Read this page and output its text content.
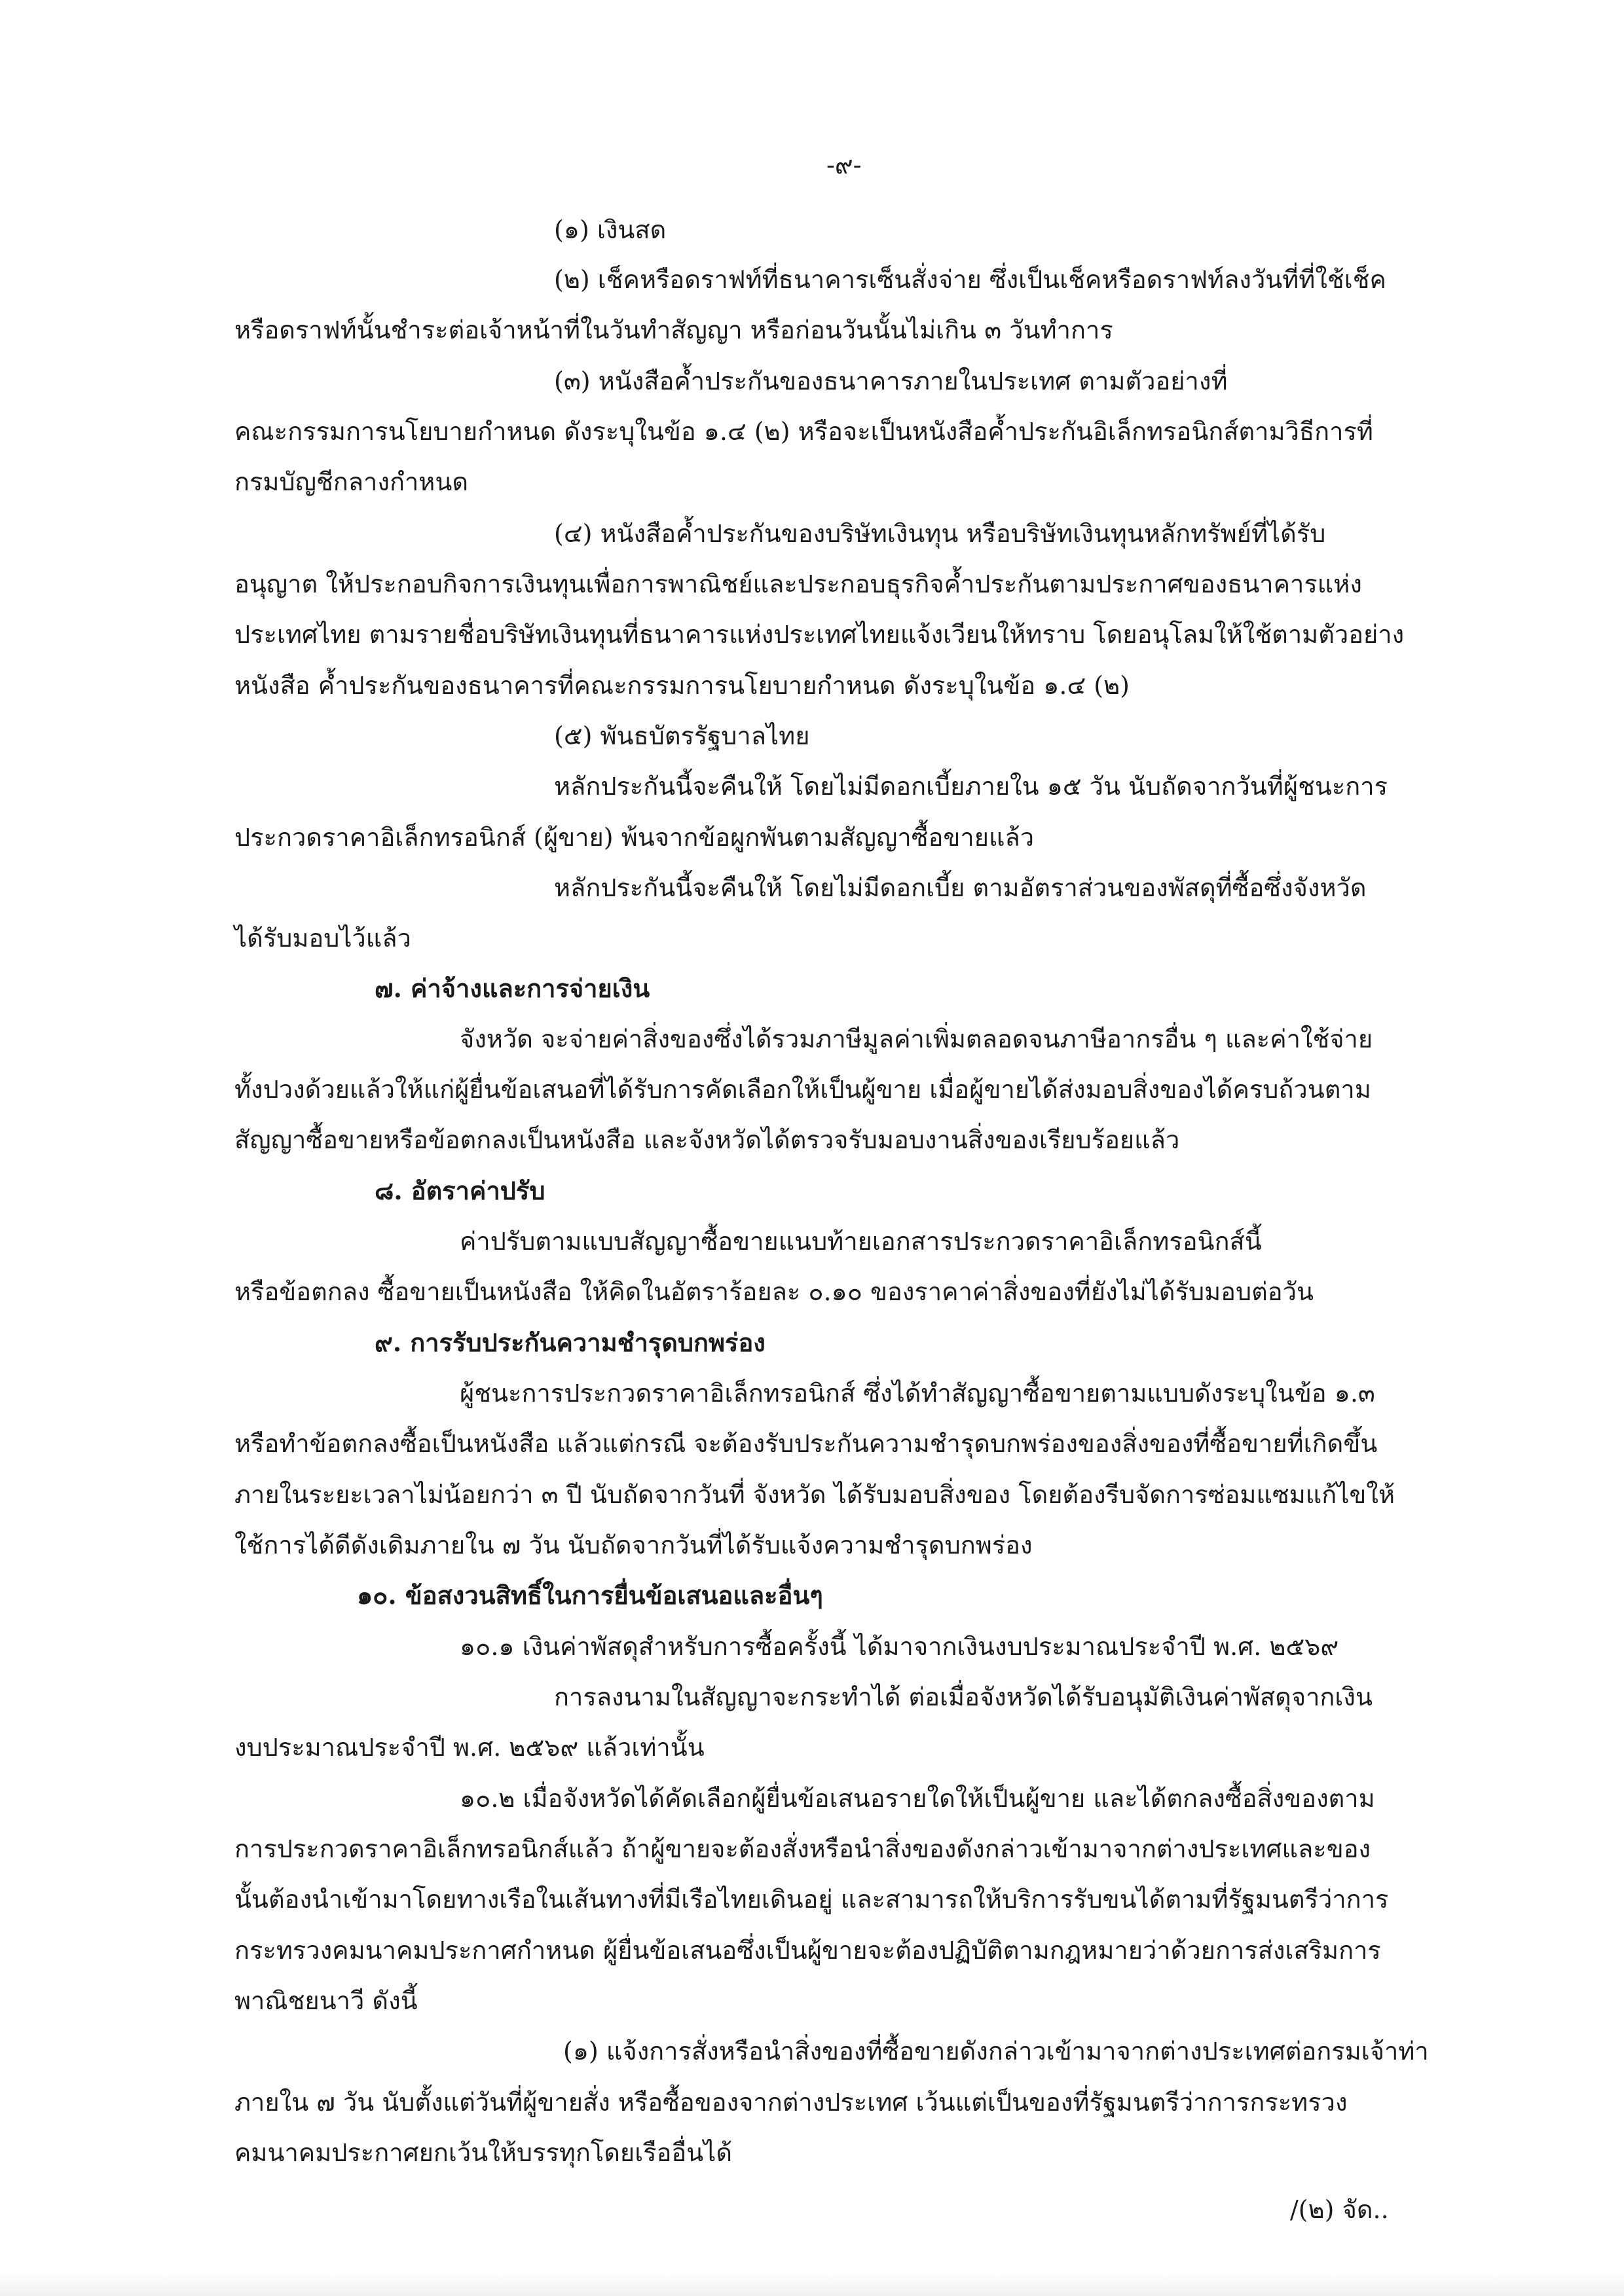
-๙-
(๑) เงินสด
(๒) เช็คหรือดราฟท์ที่ธนาคารเซ็นสั่งจ่าย ซึ่งเป็นเช็คหรือดราฟท์ลงวันที่ที่ใช้เช็ค
หรือดราฟท์นั้นชำระต่อเจ้าหน้าที่ในวันทำสัญญา หรือก่อนวันนั้นไม่เกิน ๓ วันทำการ
(๓) หนังสือค้ำประกันของธนาคารภายในประเทศ ตามตัวอย่างที่
คณะกรรมการนโยบายกำหนด ดังระบุในข้อ ๑.๔ (๒) หรือจะเป็นหนังสือค้ำประกันอิเล็กทรอนิกส์ตามวิธีการที่
กรมบัญชีกลางกำหนด
(๔) หนังสือค้ำประกันของบริษัทเงินทุน หรือบริษัทเงินทุนหลักทรัพย์ที่ได้รับ
อนุญาต ให้ประกอบกิจการเงินทุนเพื่อการพาณิชย์และประกอบธุรกิจค้ำประกันตามประกาศของธนาคารแห่ง
ประเทศไทย ตามรายชื่อบริษัทเงินทุนที่ธนาคารแห่งประเทศไทยแจ้งเวียนให้ทราบ โดยอนุโลมให้ใช้ตามตัวอย่าง
หนังสือ ค้ำประกันของธนาคารที่คณะกรรมการนโยบายกำหนด ดังระบุในข้อ ๑.๔ (๒)
(๕) พันธบัตรรัฐบาลไทย
หลักประกันนี้จะคืนให้ โดยไม่มีดอกเบี้ยภายใน ๑๕ วัน นับถัดจากวันที่ผู้ชนะการ
ประกวดราคาอิเล็กทรอนิกส์ (ผู้ขาย) พ้นจากข้อผูกพันตามสัญญาซื้อขายแล้ว
หลักประกันนี้จะคืนให้ โดยไม่มีดอกเบี้ย ตามอัตราส่วนของพัสดุที่ซื้อซึ่งจังหวัด
ได้รับมอบไว้แล้ว
๗. ค่าจ้างและการจ่ายเงิน
จังหวัด จะจ่ายค่าสิ่งของซึ่งได้รวมภาษีมูลค่าเพิ่มตลอดจนภาษีอากรอื่น ๆ และค่าใช้จ่าย
ทั้งปวงด้วยแล้วให้แก่ผู้ยื่นข้อเสนอที่ได้รับการคัดเลือกให้เป็นผู้ขาย เมื่อผู้ขายได้ส่งมอบสิ่งของได้ครบถ้วนตาม
สัญญาซื้อขายหรือข้อตกลงเป็นหนังสือ และจังหวัดได้ตรวจรับมอบงานสิ่งของเรียบร้อยแล้ว
๘. อัตราค่าปรับ
ค่าปรับตามแบบสัญญาซื้อขายแนบท้ายเอกสารประกวดราคาอิเล็กทรอนิกส์นี้
หรือข้อตกลง ซื้อขายเป็นหนังสือ ให้คิดในอัตราร้อยละ ๐.๑๐ ของราคาค่าสิ่งของที่ยังไม่ได้รับมอบต่อวัน
๙. การรับประกันความชำรุดบกพร่อง
ผู้ชนะการประกวดราคาอิเล็กทรอนิกส์ ซึ่งได้ทำสัญญาซื้อขายตามแบบดังระบุในข้อ ๑.๓
หรือทำข้อตกลงซื้อเป็นหนังสือ แล้วแต่กรณี จะต้องรับประกันความชำรุดบกพร่องของสิ่งของที่ซื้อขายที่เกิดขึ้น
ภายในระยะเวลาไม่น้อยกว่า ๓ ปี นับถัดจากวันที่ จังหวัด ได้รับมอบสิ่งของ โดยต้องรีบจัดการซ่อมแซมแก้ไขให้
ใช้การได้ดีดังเดิมภายใน ๗ วัน นับถัดจากวันที่ได้รับแจ้งความชำรุดบกพร่อง
๑๐. ข้อสงวนสิทธิ์ในการยื่นข้อเสนอและอื่นๆ
๑๐.๑ เงินค่าพัสดุสำหรับการซื้อครั้งนี้ ได้มาจากเงินงบประมาณประจำปี พ.ศ. ๒๕๖๙
การลงนามในสัญญาจะกระทำได้ ต่อเมื่อจังหวัดได้รับอนุมัติเงินค่าพัสดุจากเงิน
งบประมาณประจำปี พ.ศ. ๒๕๖๙ แล้วเท่านั้น
๑๐.๒ เมื่อจังหวัดได้คัดเลือกผู้ยื่นข้อเสนอรายใดให้เป็นผู้ขาย และได้ตกลงซื้อสิ่งของตาม
การประกวดราคาอิเล็กทรอนิกส์แล้ว ถ้าผู้ขายจะต้องสั่งหรือนำสิ่งของดังกล่าวเข้ามาจากต่างประเทศและของ
นั้นต้องนำเข้ามาโดยทางเรือในเส้นทางที่มีเรือไทยเดินอยู่ และสามารถให้บริการรับขนได้ตามที่รัฐมนตรีว่าการ
กระทรวงคมนาคมประกาศกำหนด ผู้ยื่นข้อเสนอซึ่งเป็นผู้ขายจะต้องปฏิบัติตามกฎหมายว่าด้วยการส่งเสริมการ
พาณิชยนาวี ดังนี้
(๑) แจ้งการสั่งหรือนำสิ่งของที่ซื้อขายดังกล่าวเข้ามาจากต่างประเทศต่อกรมเจ้าท่า
ภายใน ๗ วัน นับตั้งแต่วันที่ผู้ขายสั่ง หรือซื้อของจากต่างประเทศ เว้นแต่เป็นของที่รัฐมนตรีว่าการกระทรวง
คมนาคมประกาศยกเว้นให้บรรทุกโดยเรืออื่นได้
/(๒) จัด..
